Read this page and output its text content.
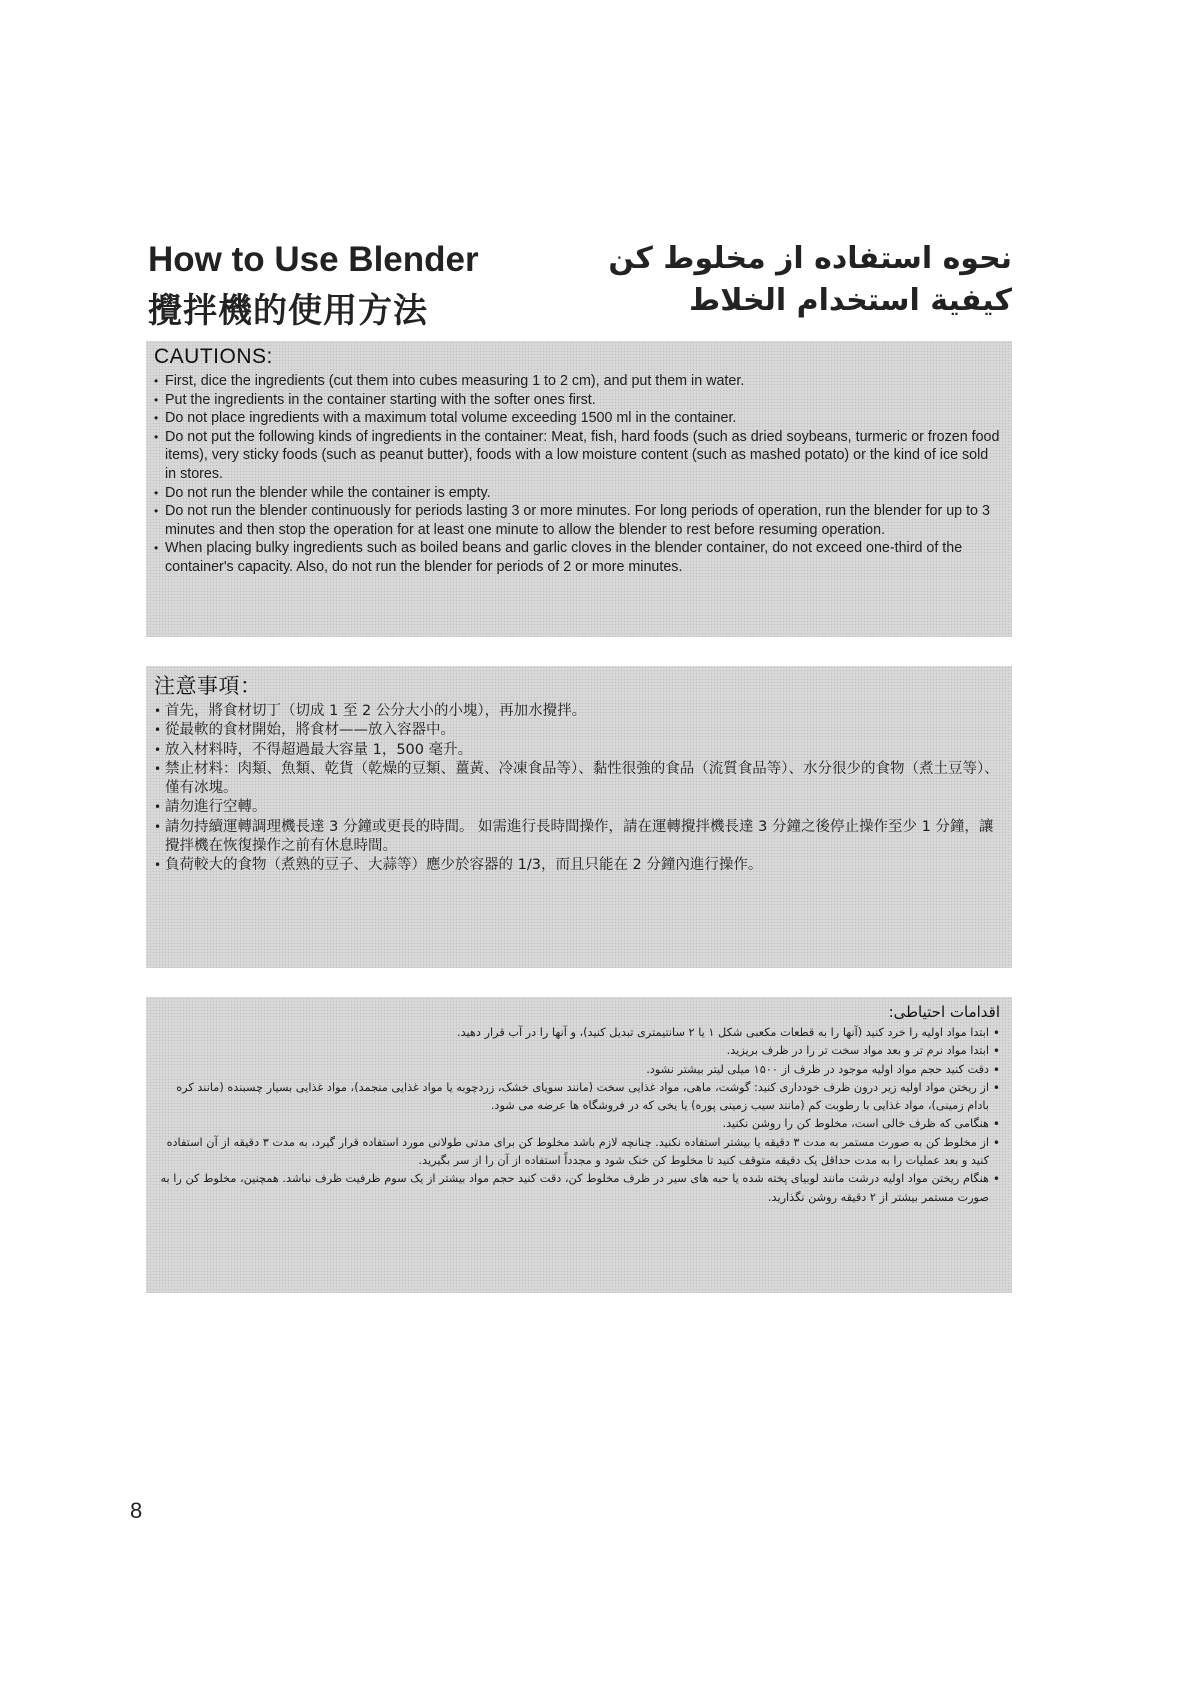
How to Use Blender
攪拌機的使用方法
نحوه استفاده از مخلوط کن
کیفیة استخدام الخلاط
CAUTIONS:
• First, dice the ingredients (cut them into cubes measuring 1 to 2 cm), and put them in water.
• Put the ingredients in the container starting with the softer ones first.
• Do not place ingredients with a maximum total volume exceeding 1500 ml in the container.
• Do not put the following kinds of ingredients in the container: Meat, fish, hard foods (such as dried soybeans, turmeric or frozen food items), very sticky foods (such as peanut butter), foods with a low moisture content (such as mashed potato) or the kind of ice sold in stores.
• Do not run the blender while the container is empty.
• Do not run the blender continuously for periods lasting 3 or more minutes. For long periods of operation, run the blender for up to 3 minutes and then stop the operation for at least one minute to allow the blender to rest before resuming operation.
• When placing bulky ingredients such as boiled beans and garlic cloves in the blender container, do not exceed one-third of the container's capacity. Also, do not run the blender for periods of 2 or more minutes.
注意事項：
• 首先，將食材切丁（切成 1 至 2 公分大小的小塊），再加水攪拌。
• 從最軟的食材開始，將食材——放入容器中。
• 放入材料時，不得超過最大容量 1，500 毫升。
• 禁止材料：肉類、魚類、乾貨（乾燥的豆類、薑黃、冷凍食品等）、黏性很強的食品（流質食品等）、水分很少的食物（煮土豆等）、僅有冰塊。
• 請勿進行空轉。
• 請勿持續運轉調理機長達 3 分鐘或更長的時間。 如需進行長時間操作，請在運轉攪拌機長達 3 分鐘之後停止操作至少 1 分鐘，讓攪拌機在恢復操作之前有休息時間。
• 負荷較大的食物（煮熟的豆子、大蒜等）應少於容器的 1/3，而且只能在 2 分鐘內進行操作。
اقدامات احتیاطی:
• ابتدا مواد اولیه را خرد کنید (آنها را به قطعات مکعبی شکل ۱ یا ۲ سانتیمتری تبدیل کنید)، و آنها را در آب قرار دهید.
• ابتدا مواد نرم تر و بعد مواد سخت تر را در ظرف بریزید.
• دقت کنید حجم مواد اولیه موجود در ظرف از ۱۵۰۰ میلی لیتر بیشتر نشود.
• از ریختن مواد اولیه زیر درون ظرف خودداری کنید: گوشت، ماهی، مواد غذایی سخت (مانند سویای خشک، زردچوبه یا مواد غذایی منجمد)، مواد غذایی بسیار چسبنده (مانند کره بادام زمینی)، مواد غذایی با رطوبت کم (مانند سیب زمینی پوره) یا یخی که در فروشگاه ها عرضه می شود.
• هنگامی که ظرف خالی است، مخلوط کن را روشن نکنید.
• از مخلوط کن به صورت مستمر به مدت ۳ دقیقه یا بیشتر استفاده نکنید. چنانچه لازم باشد مخلوط کن برای مدتی طولانی مورد استفاده قرار گیرد، به مدت ۳ دقیقه از آن استفاده کنید و بعد عملیات را به مدت حداقل یک دقیقه متوقف کنید تا مخلوط کن خنک شود و مجدداً استفاده از آن را از سر بگیرید.
• هنگام ریختن مواد اولیه درشت مانند لوبیای پخته شده یا حبه های سیر در ظرف مخلوط کن، دقت کنید حجم مواد بیشتر از یک سوم ظرفیت ظرف نباشد. همچنین، مخلوط کن را به صورت مستمر بیشتر از ۲ دقیقه روشن نگذارید.

8
